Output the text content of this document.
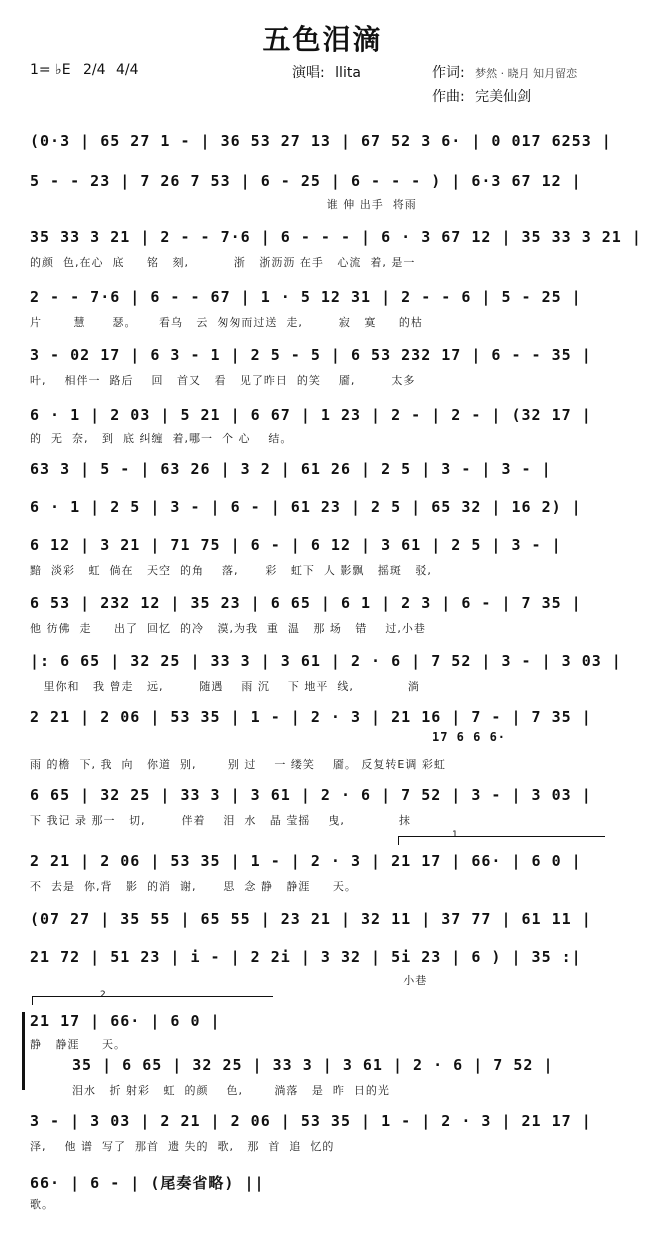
五色泪滴
1= ♭E 2/4 4/4	演唱: llita	作词: 梦然 · 晓月 知月留恋
作曲: 完美仙剑
(0·3 | 65 27 1 - | 36 53 27 13 | 67 52 3 6· | 0 017 6253 |
5 - - 23 | 7 26 7 53 | 6 - 25 | 6 - - - ) | 6·3 67 12 |
谁 伸 出手  将雨
35 33 3 21 | 2 - - 7·6 | 6 - - - | 6 · 3 67 12 | 35 33 3 21 |
的颜  色,在心  底     铭   刻,          浙   浙沥沥 在手   心流  着, 是一
2 - - 7·6 | 6 - - 67 | 1 · 5 12 31 | 2 - - 6 | 5 - 25 |
片       慧      瑟。     看乌   云  匆匆而过送  走,        寂   寞     的枯
3 - 02 17 | 6 3 - 1 | 2 5 - 5 | 6 53 232 17 | 6 - - 35 |
叶,    相伴一  路后    回   首又   看   见了昨日  的笑    靥,        太多
6 · 1 | 2 03 | 5 21 | 6 67 | 1 23 | 2 - | 2 - | (32 17 |
的  无  奈,   到  底 纠缠  着,哪一  个 心    结。
63 3 | 5 - | 63 26 | 3 2 | 61 26 | 2 5 | 3 - | 3 - |
6 · 1 | 2 5 | 3 - | 6 - | 61 23 | 2 5 | 65 32 | 16 2) |
6 12 | 3 21 | 71 75 | 6 - | 6 12 | 3 61 | 2 5 | 3 - |
黯  淡彩   虹  倘在   天空  的角    落,      彩   虹下  人 影飘   摇斑   驳,
6 53 | 232 12 | 35 23 | 6 65 | 6 1 | 2 3 | 6 - | 7 35 |
他 彷佛  走     出了  回忆  的冷   漠,为我  重  温   那 场   错    过,小巷
|: 6 65 | 32 25 | 33 3 | 3 61 | 2 · 6 | 7 52 | 3 - | 3 03 |
里你和   我 曾走   远,        随遇    雨 沉    下 地平  线,            淌
2 21 | 2 06 | 53 35 | 1 - | 2 · 3 | 21 16 | 7 - | 7 35 |
17 6 6 6·
雨 的檐  下, 我  向   你道  别,       别 过    一 缕笑    靥。 反复转E调 彩虹
6 65 | 32 25 | 33 3 | 3 61 | 2 · 6 | 7 52 | 3 - | 3 03 |
下 我记 录 那一   切,        伴着    泪  水   晶 莹摇    曳,            抹
1
2 21 | 2 06 | 53 35 | 1 - | 2 · 3 | 21 17 | 66· | 6 0 |
不  去是  你,背   影  的消  谢,      思  念 静   静涯     天。
(07 27 | 35 55 | 65 55 | 23 21 | 32 11 | 37 77 | 61 11 |
21 72 | 51 23 | i - | 2 2i | 3 32 | 5i 23 | 6 ) | 35 :|
小巷
2
21 17 | 66· | 6 0 |
静   静涯     天。
35 | 6 65 | 32 25 | 33 3 | 3 61 | 2 · 6 | 7 52 |
泪水   折 射彩   虹  的颜    色,       淌落   是  昨  日的光
3 - | 3 03 | 2 21 | 2 06 | 53 35 | 1 - | 2 · 3 | 21 17 |
泽,    他 谱  写了  那首  遗 失的  歌,   那  首  追  忆的
66· | 6 - | (尾奏省略) ||
歌。
